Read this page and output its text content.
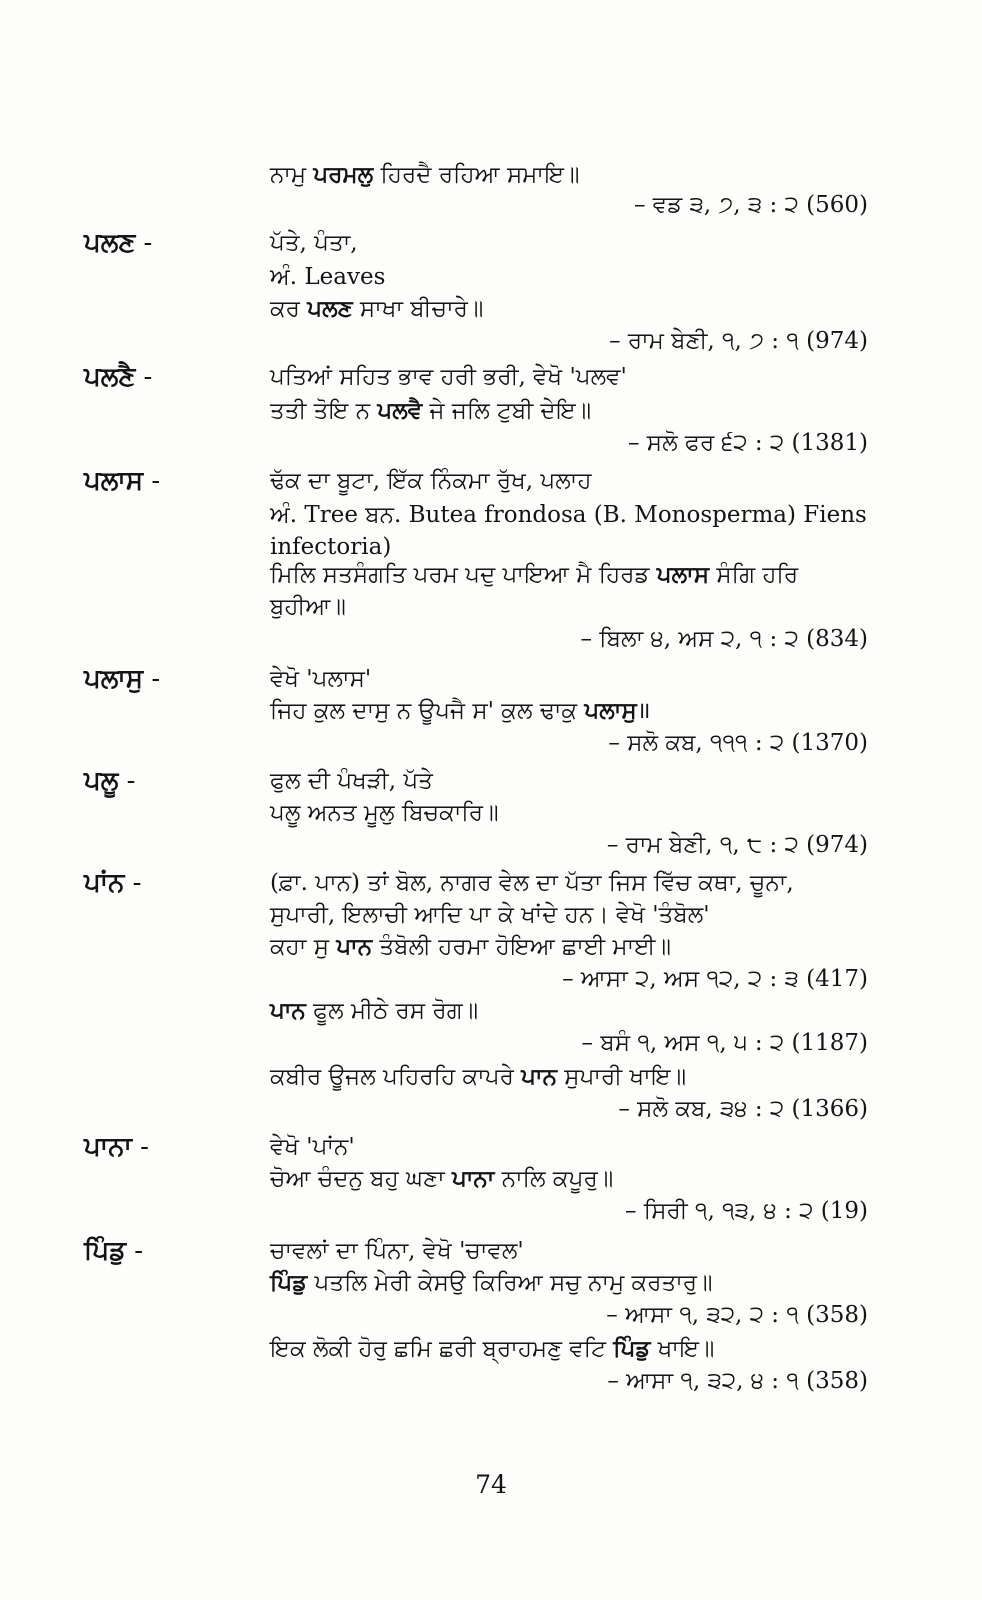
ਨਾਮੁ ਪਰਮਲੁ ਹਿਰਦੈ ਰਹਿਆ ਸਮਾਇ॥
– ਵਡ ੩, ੭, ੩ : ੨ (560)
ਪਲਣ -	ਪੱਤੇ, ਪੰਤਾ,
ਅੰ. Leaves
ਕਰ ਪਲਣ ਸਾਖਾ ਬੀਚਾਰੇ॥
– ਰਾਮ ਬੇਣੀ, ੧, ੭ : ੧ (974)
ਪਲਣੈ -	ਪਤਿਆਂ ਸਹਿਤ ਭਾਵ ਹਰੀ ਭਰੀ, ਵੇਖੋ 'ਪਲਵ'
ਤਤੀ ਤੋਇ ਨ ਪਲਵੈ ਜੇ ਜਲਿ ਟੁਬੀ ਦੇਇ॥
– ਸਲੋ ਫਰ ੬੨ : ੨ (1381)
ਪਲਾਸ -	ਢੱਕ ਦਾ ਬੂਟਾ, ਇੱਕ ਨਿੰਕਮਾ ਰੁੱਖ, ਪਲਾਹ
ਅੰ. Tree ਬਨ. Butea frondosa (B. Monosperma) Fiens
infectoria)
ਮਿਲਿ ਸਤਸੰਗਤਿ ਪਰਮ ਪਦੁ ਪਾਇਆ ਮੈ ਹਿਰਡ ਪਲਾਸ ਸੰਗਿ ਹਰਿ
ਬੁਹੀਆ॥
– ਬਿਲਾ ੪, ਅਸ ੨, ੧ : ੨ (834)
ਪਲਾਸੁ -	ਵੇਖੋ 'ਪਲਾਸ'
ਜਿਹ ਕੁਲ ਦਾਸੁ ਨ ਊਪਜੈ ਸ' ਕੁਲ ਢਾਕੁ ਪਲਾਸੁ॥
– ਸਲੋ ਕਬ, ੧੧੧ : ੨ (1370)
ਪਲੂ -	ਫੁਲ ਦੀ ਪੰਖੜੀ, ਪੱਤੇ
ਪਲੂ ਅਨਤ ਮੂਲੁ ਬਿਚਕਾਰਿ॥
– ਰਾਮ ਬੇਣੀ, ੧, ੮ : ੨ (974)
ਪਾਂਨ -	(ਫ਼ਾ. ਪਾਨ) ਤਾਂ ਬੋਲ, ਨਾਗਰ ਵੇਲ ਦਾ ਪੱਤਾ ਜਿਸ ਵਿੱਚ ਕਥਾ, ਚੂਨਾ,
ਸੁਪਾਰੀ, ਇਲਾਚੀ ਆਦਿ ਪਾ ਕੇ ਖਾਂਦੇ ਹਨ। ਵੇਖੋ 'ਤੰਬੋਲ'
ਕਹਾ ਸੁ ਪਾਨ ਤੰਬੋਲੀ ਹਰਮਾ ਹੋਇਆ ਛਾਈ ਮਾਈ॥
– ਆਸਾ ੨, ਅਸ ੧੨, ੨ : ੩ (417)
ਪਾਨ ਫੂਲ ਮੀਠੇ ਰਸ ਰੋਗ॥
– ਬਸੰ ੧, ਅਸ ੧, ੫ : ੨ (1187)
ਕਬੀਰ ਊਜਲ ਪਹਿਰਹਿ ਕਾਪਰੇ ਪਾਨ ਸੁਪਾਰੀ ਖਾਇ॥
– ਸਲੋ ਕਬ, ੩੪ : ੨ (1366)
ਪਾਨਾ -	ਵੇਖੋ 'ਪਾਂਨ'
ਚੋਆ ਚੰਦਨੁ ਬਹੁ ਘਣਾ ਪਾਨਾ ਨਾਲਿ ਕਪੂਰੁ॥
– ਸਿਰੀ ੧, ੧੩, ੪ : ੨ (19)
ਪਿੰਡੁ -	ਚਾਵਲਾਂ ਦਾ ਪਿੰਨਾ, ਵੇਖੋ 'ਚਾਵਲ'
ਪਿੰਡੁ ਪਤਲਿ ਮੇਰੀ ਕੇਸਉ ਕਿਰਿਆ ਸਚੁ ਨਾਮੁ ਕਰਤਾਰੁ॥
– ਆਸਾ ੧, ੩੨, ੨ : ੧ (358)
ਇਕ ਲੋਕੀ ਹੋਰੁ ਛਮਿ ਛਰੀ ਬ੍ਰਾਹਮਣੁ ਵਟਿ ਪਿੰਡੁ ਖਾਇ॥
– ਆਸਾ ੧, ੩੨, ੪ : ੧ (358)
74
